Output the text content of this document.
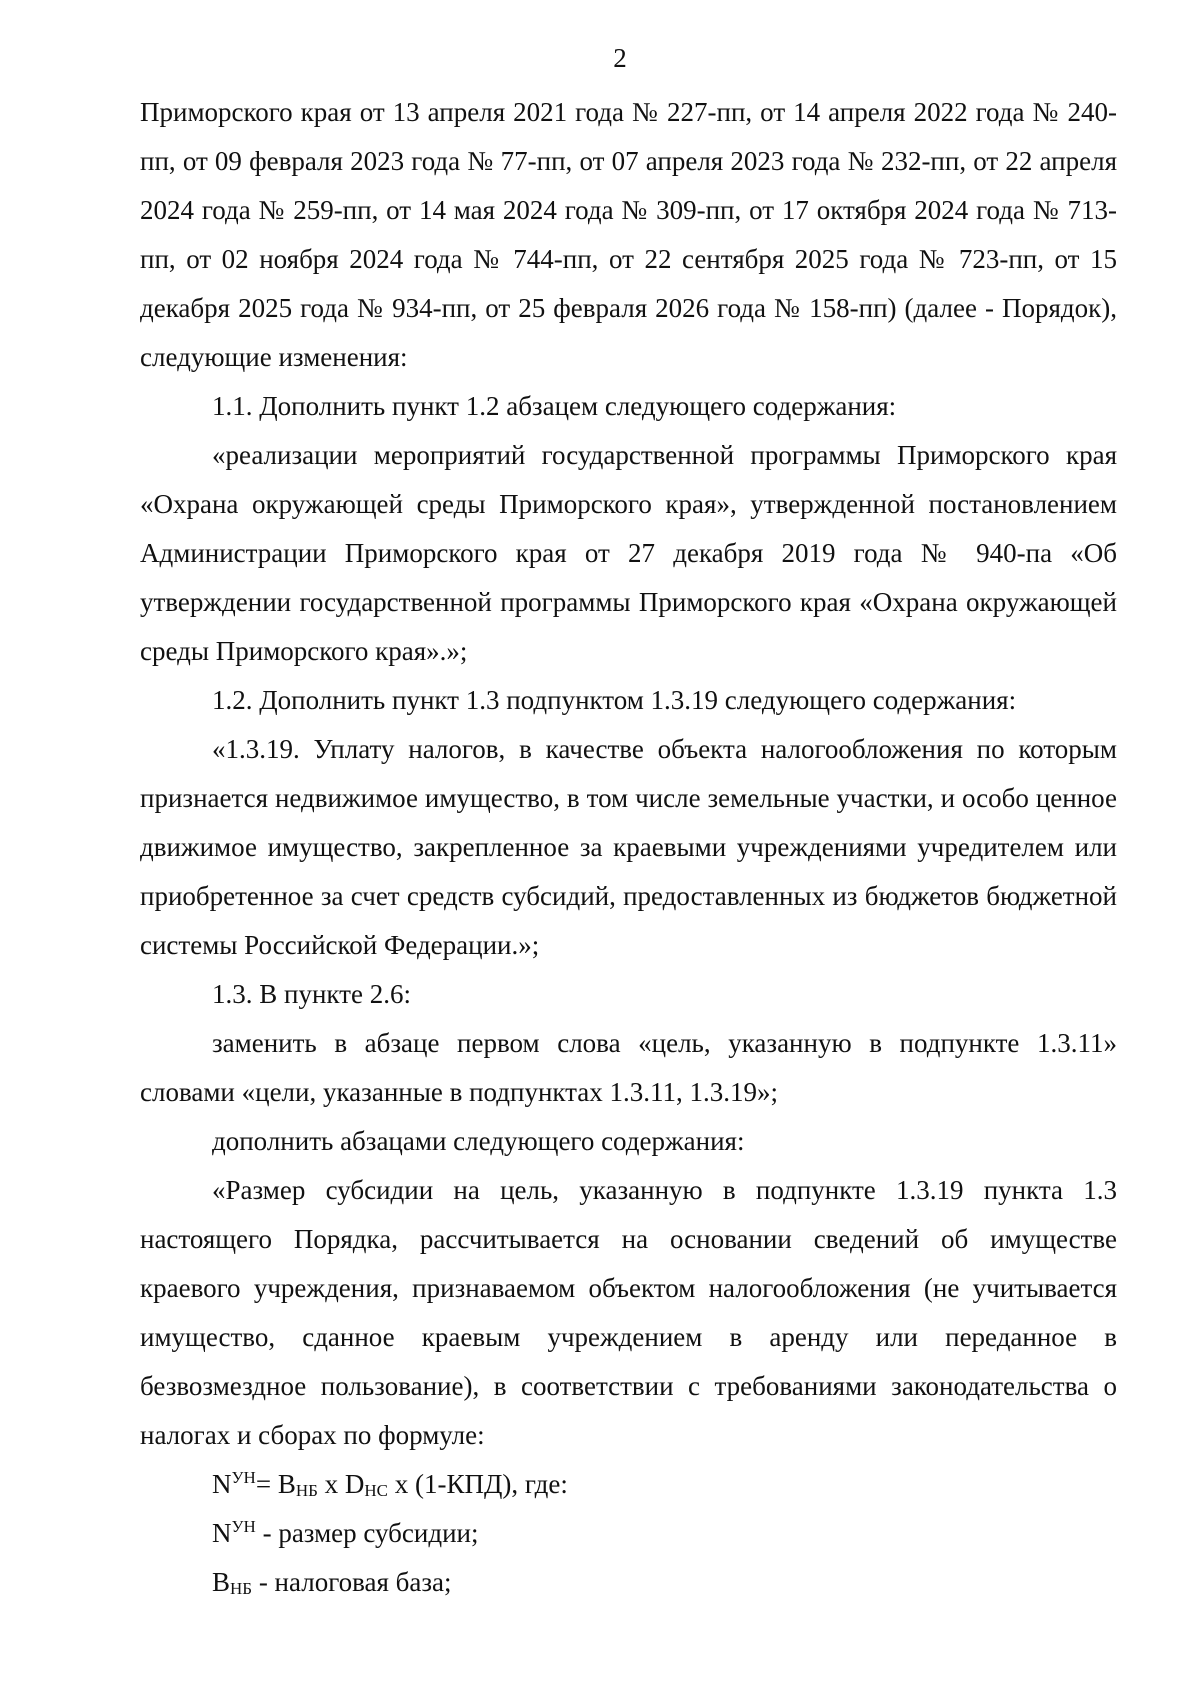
2

Приморского края от 13 апреля 2021 года № 227-пп, от 14 апреля 2022 года № 240-пп, от 09 февраля 2023 года № 77-пп, от 07 апреля 2023 года № 232-пп, от 22 апреля 2024 года № 259-пп, от 14 мая 2024 года № 309-пп, от 17 октября 2024 года № 713-пп, от 02 ноября 2024 года № 744-пп, от 22 сентября 2025 года № 723-пп, от 15 декабря 2025 года № 934-пп, от 25 февраля 2026 года № 158-пп) (далее - Порядок), следующие изменения:

1.1. Дополнить пункт 1.2 абзацем следующего содержания:

«реализации мероприятий государственной программы Приморского края «Охрана окружающей среды Приморского края», утвержденной постановлением Администрации Приморского края от 27 декабря 2019 года № 940-па «Об утверждении государственной программы Приморского края «Охрана окружающей среды Приморского края».»;

1.2. Дополнить пункт 1.3 подпунктом 1.3.19 следующего содержания:

«1.3.19. Уплату налогов, в качестве объекта налогообложения по которым признается недвижимое имущество, в том числе земельные участки, и особо ценное движимое имущество, закрепленное за краевыми учреждениями учредителем или приобретенное за счет средств субсидий, предоставленных из бюджетов бюджетной системы Российской Федерации.»;

1.3. В пункте 2.6:

заменить в абзаце первом слова «цель, указанную в подпункте 1.3.11» словами «цели, указанные в подпунктах 1.3.11, 1.3.19»;

дополнить абзацами следующего содержания:

«Размер субсидии на цель, указанную в подпункте 1.3.19 пункта 1.3 настоящего Порядка, рассчитывается на основании сведений об имуществе краевого учреждения, признаваемом объектом налогообложения (не учитывается имущество, сданное краевым учреждением в аренду или переданное в безвозмездное пользование), в соответствии с требованиями законодательства о налогах и сборах по формуле:

$N^{УН}= B_{НБ}$ x $D_{НС}$ x (1-КПД), где:

$N^{УН}$ - размер субсидии;

$B_{НБ}$ - налоговая база;
